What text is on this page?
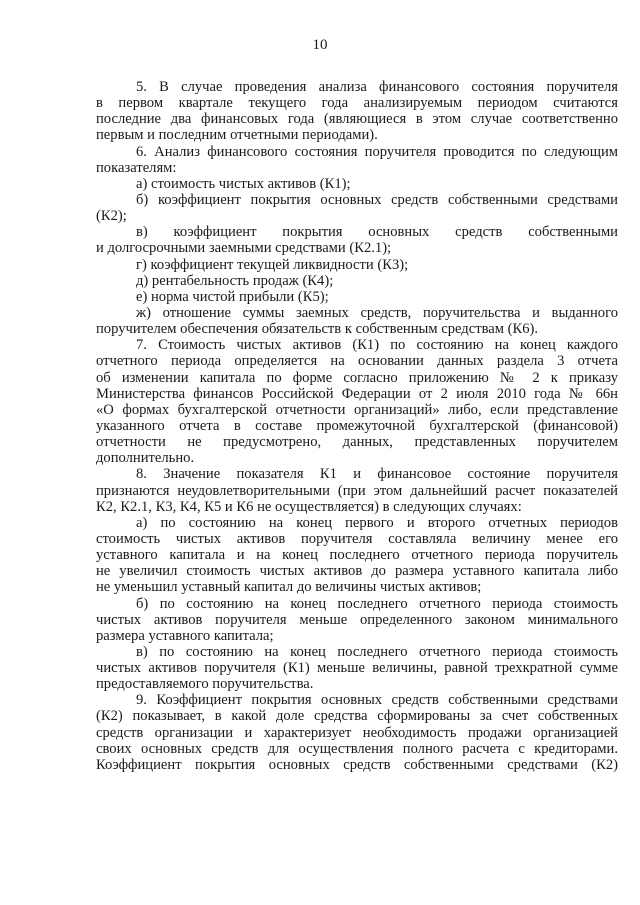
10
5. В случае проведения анализа финансового состояния поручителя
в первом квартале текущего года анализируемым периодом считаются
последние два финансовых года (являющиеся в этом случае соответственно
первым и последним отчетными периодами).
6. Анализ финансового состояния поручителя проводится по следующим
показателям:
а) стоимость чистых активов (К1);
б) коэффициент покрытия основных средств собственными средствами
(К2);
в) коэффициент покрытия основных средств собственными
и долгосрочными заемными средствами (К2.1);
г) коэффициент текущей ликвидности (К3);
д) рентабельность продаж (К4);
е) норма чистой прибыли (К5);
ж) отношение суммы заемных средств, поручительства и выданного
поручителем обеспечения обязательств к собственным средствам (К6).
7. Стоимость чистых активов (К1) по состоянию на конец каждого
отчетного периода определяется на основании данных раздела 3 отчета
об изменении капитала по форме согласно приложению № 2 к приказу
Министерства финансов Российской Федерации от 2 июля 2010 года № 66н
«О формах бухгалтерской отчетности организаций» либо, если представление
указанного отчета в составе промежуточной бухгалтерской (финансовой)
отчетности не предусмотрено, данных, представленных поручителем
дополнительно.
8. Значение показателя К1 и финансовое состояние поручителя
признаются неудовлетворительными (при этом дальнейший расчет показателей
К2, К2.1, К3, К4, К5 и К6 не осуществляется) в следующих случаях:
а) по состоянию на конец первого и второго отчетных периодов
стоимость чистых активов поручителя составляла величину менее его
уставного капитала и на конец последнего отчетного периода поручитель
не увеличил стоимость чистых активов до размера уставного капитала либо
не уменьшил уставный капитал до величины чистых активов;
б) по состоянию на конец последнего отчетного периода стоимость
чистых активов поручителя меньше определенного законом минимального
размера уставного капитала;
в) по состоянию на конец последнего отчетного периода стоимость
чистых активов поручителя (К1) меньше величины, равной трехкратной сумме
предоставляемого поручительства.
9. Коэффициент покрытия основных средств собственными средствами
(К2) показывает, в какой доле средства сформированы за счет собственных
средств организации и характеризует необходимость продажи организацией
своих основных средств для осуществления полного расчета с кредиторами.
Коэффициент покрытия основных средств собственными средствами (К2)
